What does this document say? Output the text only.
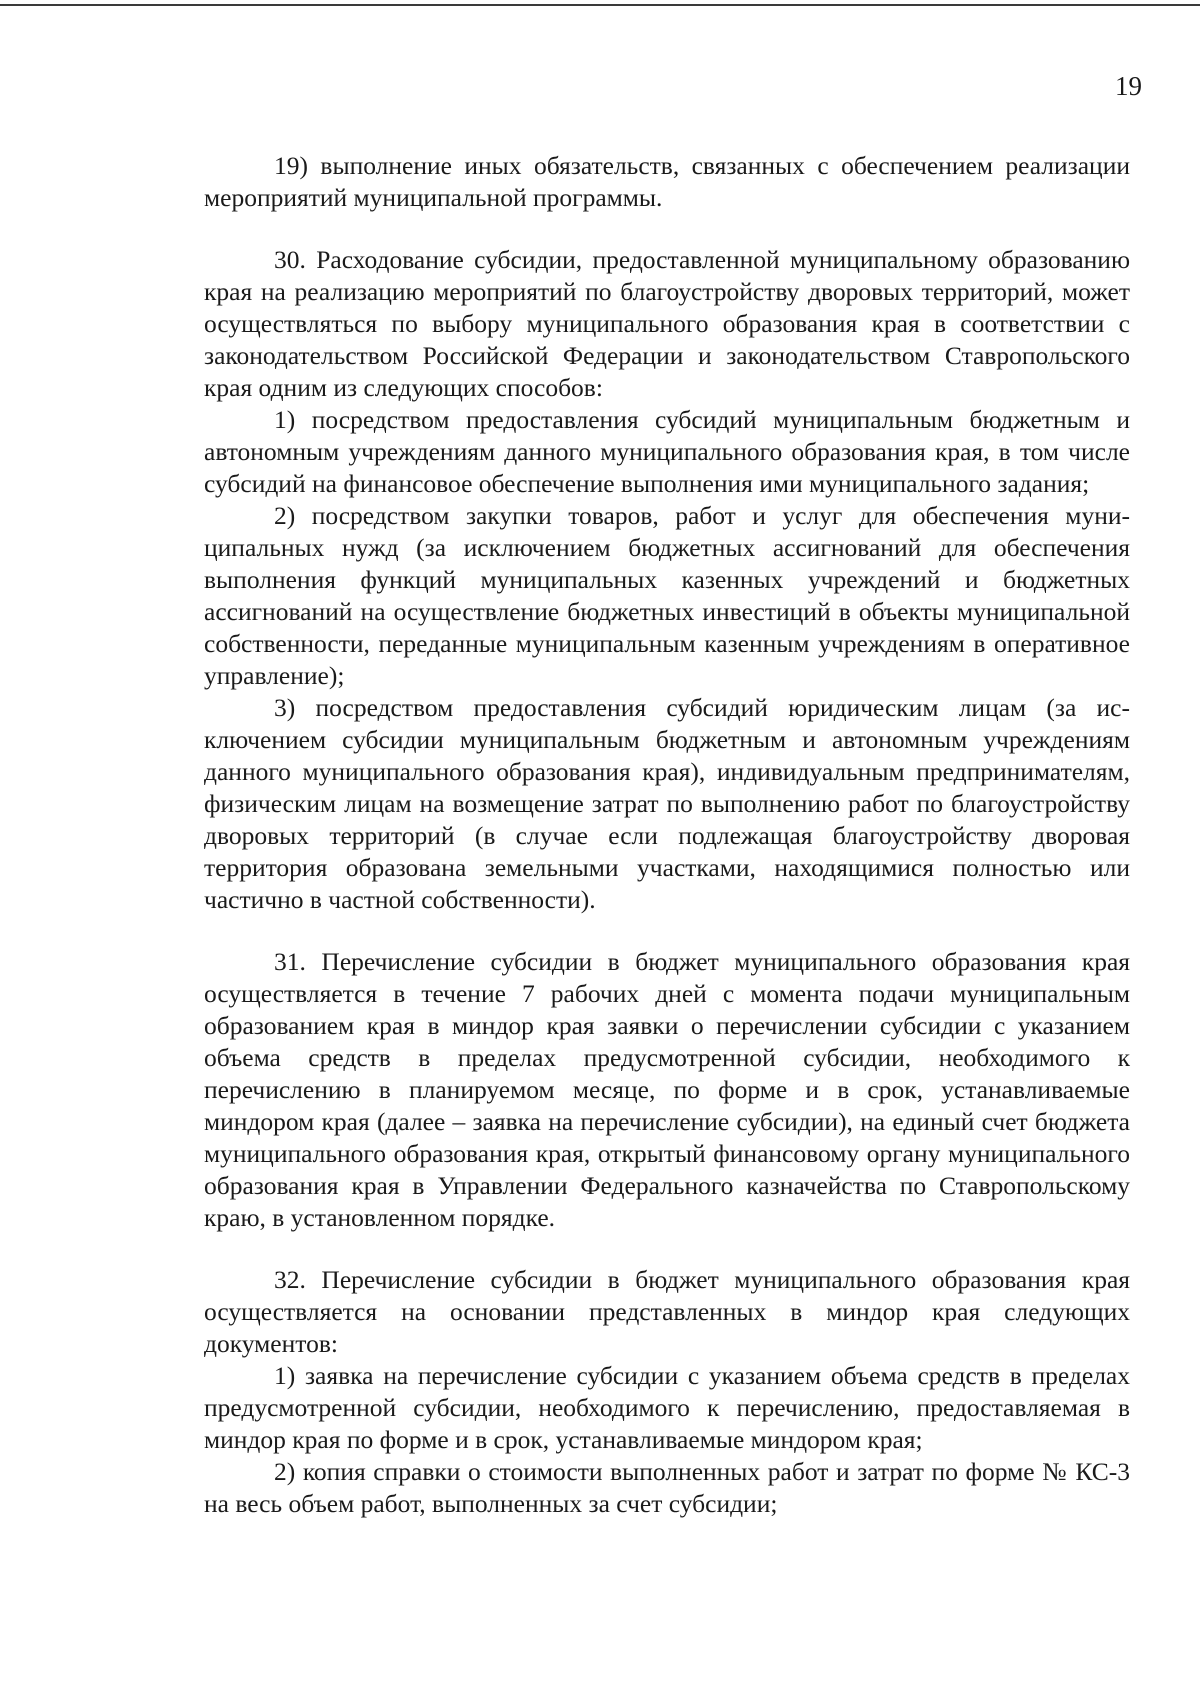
19

19) выполнение иных обязательств, связанных с обеспечением реализации мероприятий муниципальной программы.

30. Расходование субсидии, предоставленной муниципальному образованию края на реализацию мероприятий по благоустройству дворовых территорий, может осуществляться по выбору муниципального образования края в соответствии с законодательством Российской Федерации и законодательством Ставропольского края одним из следующих способов:

1) посредством предоставления субсидий муниципальным бюджетным и автономным учреждениям данного муниципального образования края, в том числе субсидий на финансовое обеспечение выполнения ими муниципального задания;

2) посредством закупки товаров, работ и услуг для обеспечения муниципальных нужд (за исключением бюджетных ассигнований для обеспечения выполнения функций муниципальных казенных учреждений и бюджетных ассигнований на осуществление бюджетных инвестиций в объекты муниципальной собственности, переданные муниципальным казенным учреждениям в оперативное управление);

3) посредством предоставления субсидий юридическим лицам (за исключением субсидии муниципальным бюджетным и автономным учреждениям данного муниципального образования края), индивидуальным предпринимателям, физическим лицам на возмещение затрат по выполнению работ по благоустройству дворовых территорий (в случае если подлежащая благоустройству дворовая территория образована земельными участками, находящимися полностью или частично в частной собственности).

31. Перечисление субсидии в бюджет муниципального образования края осуществляется в течение 7 рабочих дней с момента подачи муниципальным образованием края в миндор края заявки о перечислении субсидии с указанием объема средств в пределах предусмотренной субсидии, необходимого к перечислению в планируемом месяце, по форме и в срок, устанавливаемые миндором края (далее – заявка на перечисление субсидии), на единый счет бюджета муниципального образования края, открытый финансовому органу муниципального образования края в Управлении Федерального казначейства по Ставропольскому краю, в установленном порядке.

32. Перечисление субсидии в бюджет муниципального образования края осуществляется на основании представленных в миндор края следующих документов:

1) заявка на перечисление субсидии с указанием объема средств в пределах предусмотренной субсидии, необходимого к перечислению, предоставляемая в миндор края по форме и в срок, устанавливаемые миндором края;

2) копия справки о стоимости выполненных работ и затрат по форме № КС-3 на весь объем работ, выполненных за счет субсидии;
